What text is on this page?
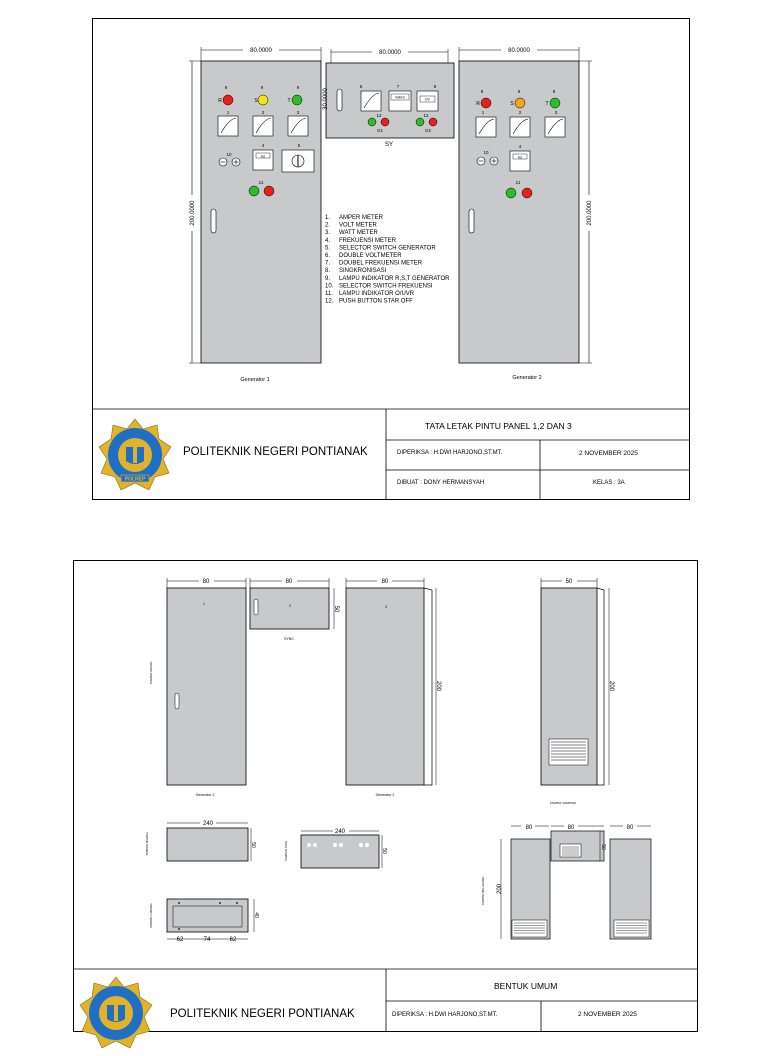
80.0000
200.0000
9	9	9
R	S	T
1	2	3
4	5
Hz
10
11
Generator 1
80.0000
30.0000
6	7	8
Volt/Hz	DV
12	12
G1	G2
SY
80.0000
200.0000
9	9	9
R	S	T
1	2	3
4
Hz
10
11
Generator 2
1. AMPER METER
2. VOLT METER
3. WATT METER
4. FREKUENSI METER
5. SELECTOR SWITCH GENERATOR
6. DOUBLE VOLTMETER
7. DOUBEL FREKUENSI METER
8. SINGKRONISASI
9. LAMPU INDIKATOR R,S,T GENERATOR
10. SELECTOR SWITCH FREKUENSI
11. LAMPU INDIKATOR O/UVR
12. PUSH BUTTON STAR OFF
POLNEP
POLITEKNIK NEGERI PONTIANAK
TATA LETAK PINTU PANEL 1,2 DAN 3
DIPERIKSA : H.DWI HARJONO,ST.MT.	2 NOVEMBER 2025
DIBUAT : DONY HERMANSYAH	KELAS : 3A
80
1
Generator 1
TAMPAK DEPAN
80
2	50
SYNC
80
3
200
Generator 2
50
200
TAMPAK SAMPING
240
50
TAMPAK BAWAH
240
50
TAMPAK ATAS
62	74	62
40
TAMPAK LUBANG
80	80	80
200
50
TAMPAK BELAKANG
POLITEKNIK NEGERI PONTIANAK
BENTUK UMUM
DIPERIKSA : H.DWI HARJONO,ST.MT.	2 NOVEMBER 2025
